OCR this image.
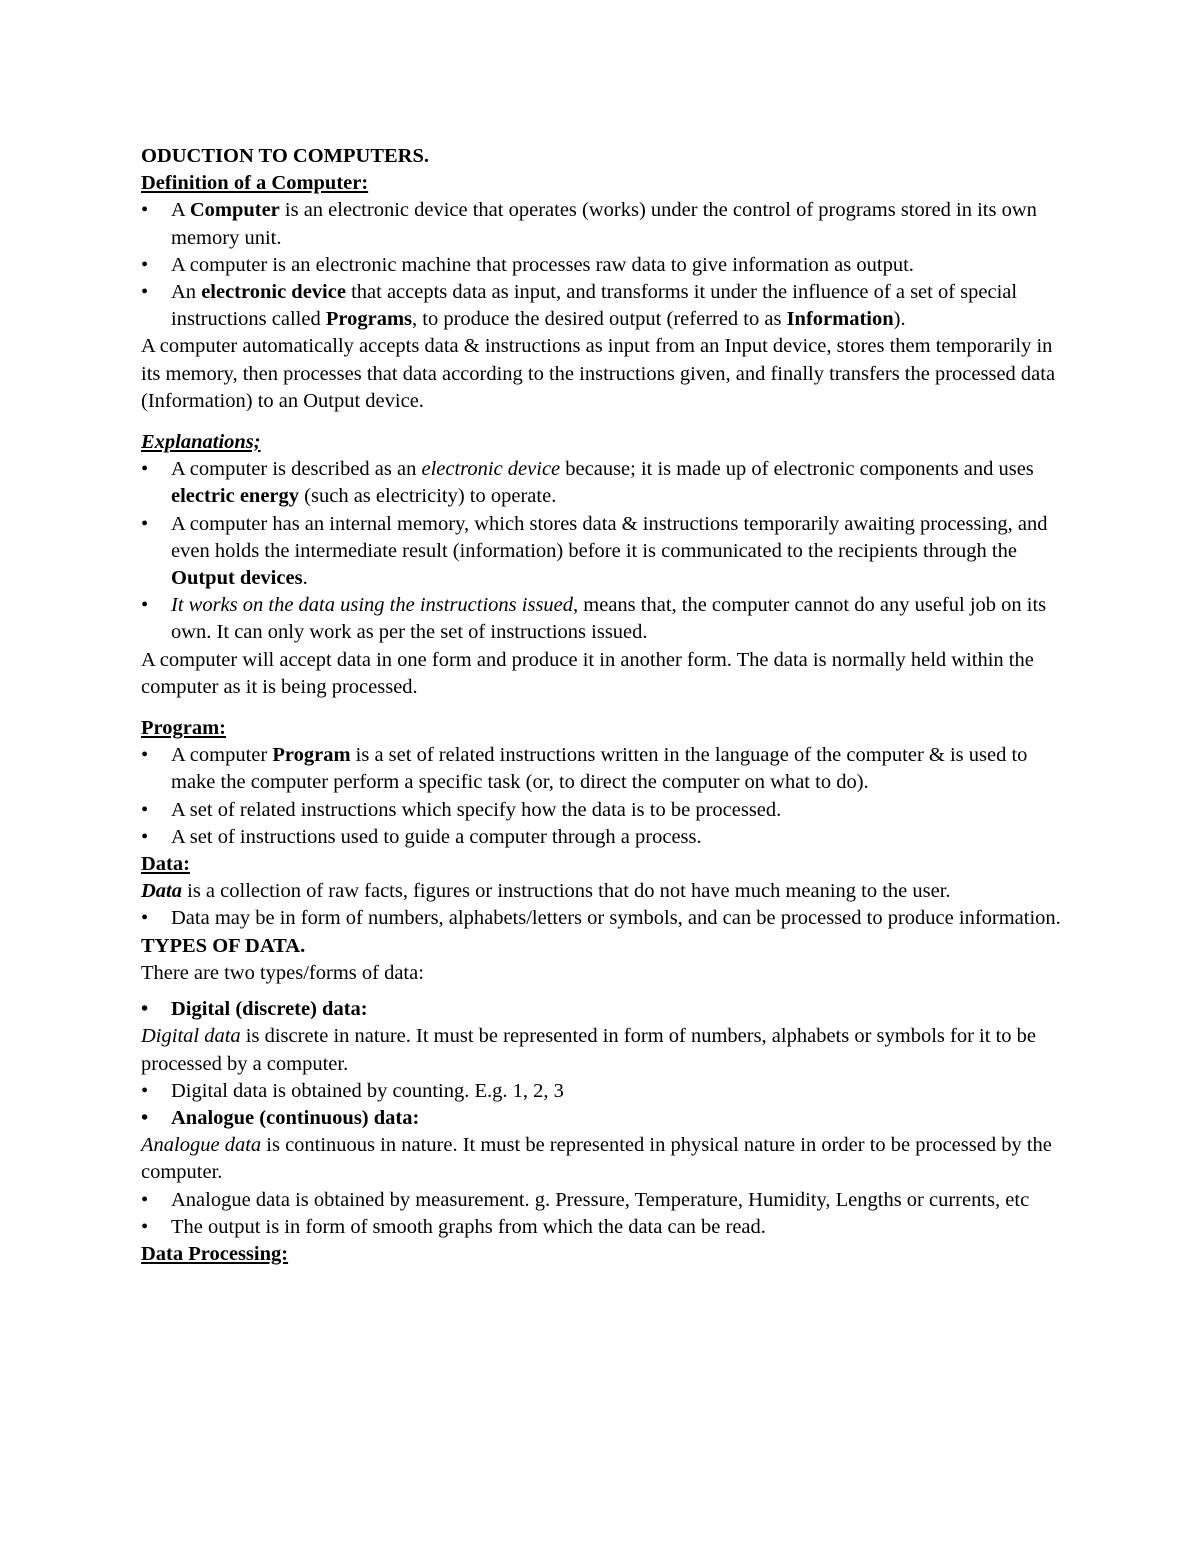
ODUCTION TO COMPUTERS.

Definition of a Computer:

•	A Computer is an electronic device that operates (works) under the control of programs stored in its own memory unit.
•	A computer is an electronic machine that processes raw data to give information as output.
•	An electronic device that accepts data as input, and transforms it under the influence of a set of special instructions called Programs, to produce the desired output (referred to as Information).

A computer automatically accepts data & instructions as input from an Input device, stores them temporarily in its memory, then processes that data according to the instructions given, and finally transfers the processed data (Information) to an Output device.

Explanations;

•	A computer is described as an electronic device because; it is made up of electronic components and uses electric energy (such as electricity) to operate.
•	A computer has an internal memory, which stores data & instructions temporarily awaiting processing, and even holds the intermediate result (information) before it is communicated to the recipients through the Output devices.
•	It works on the data using the instructions issued, means that, the computer cannot do any useful job on its own. It can only work as per the set of instructions issued.

A computer will accept data in one form and produce it in another form. The data is normally held within the computer as it is being processed.

Program:

•	A computer Program is a set of related instructions written in the language of the computer & is used to make the computer perform a specific task (or, to direct the computer on what to do).
•	A set of related instructions which specify how the data is to be processed.
•	A set of instructions used to guide a computer through a process.

Data:

Data is a collection of raw facts, figures or instructions that do not have much meaning to the user.

•	Data may be in form of numbers, alphabets/letters or symbols, and can be processed to produce information.

TYPES OF DATA.

There are two types/forms of data:

•	Digital (discrete) data:

Digital data is discrete in nature. It must be represented in form of numbers, alphabets or symbols for it to be processed by a computer.

•	Digital data is obtained by counting. E.g. 1, 2, 3
•	Analogue (continuous) data:

Analogue data is continuous in nature. It must be represented in physical nature in order to be processed by the computer.

•	Analogue data is obtained by measurement. g. Pressure, Temperature, Humidity, Lengths or currents, etc
•	The output is in form of smooth graphs from which the data can be read.

Data Processing:
